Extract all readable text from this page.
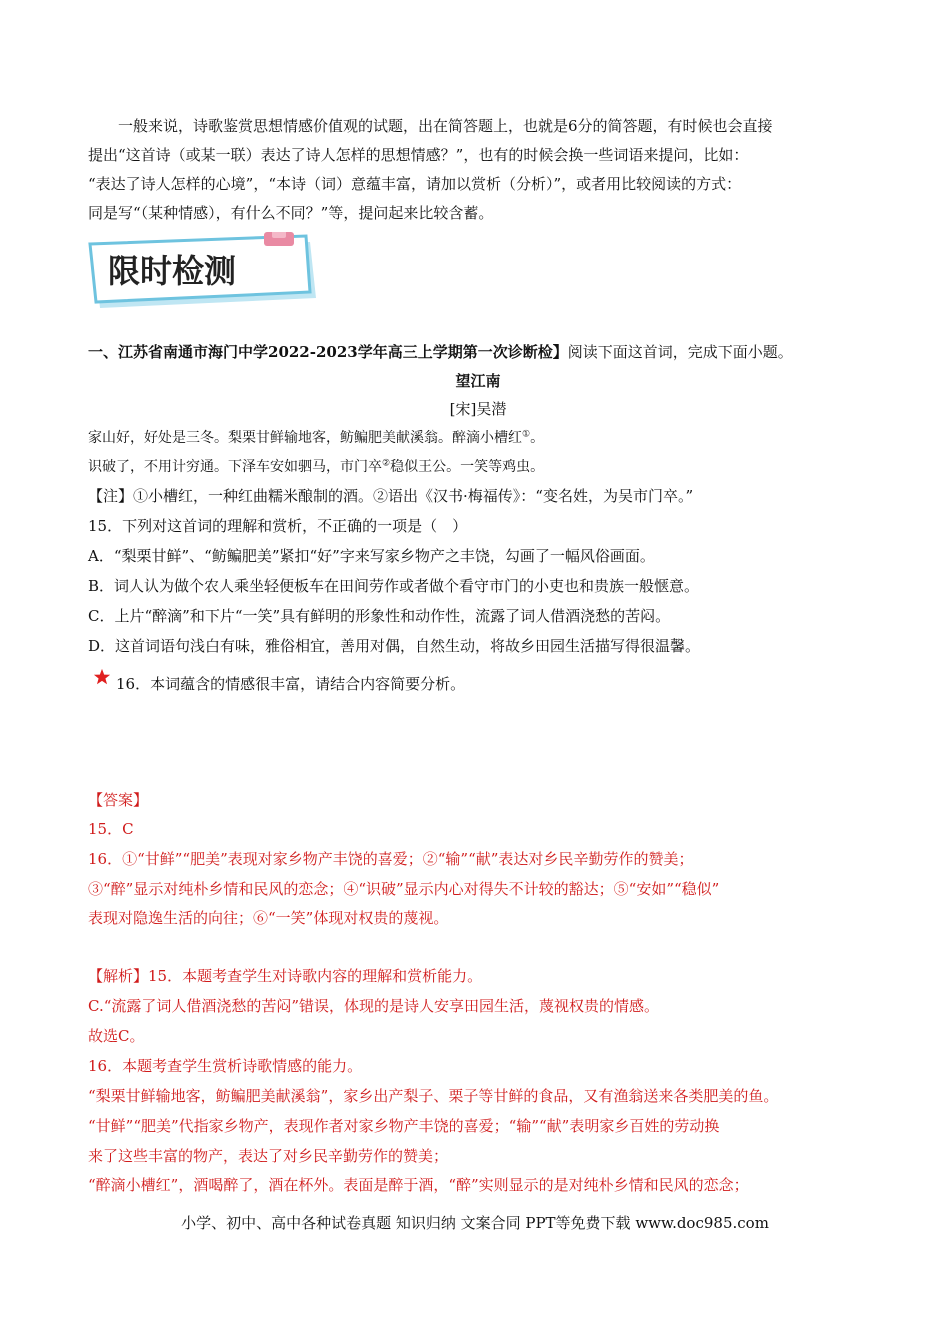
　　一般来说，诗歌鉴赏思想情感价值观的试题，出在简答题上，也就是6分的简答题，有时候也会直接
提出“这首诗（或某一联）表达了诗人怎样的思想情感？”，也有的时候会换一些词语来提问，比如：
“表达了诗人怎样的心境”，“本诗（词）意蕴丰富，请加以赏析（分析）”，或者用比较阅读的方式：
同是写“（某种情感），有什么不同？”等，提问起来比较含蓄。
限时检测
一、江苏省南通市海门中学2022-2023学年高三上学期第一次诊断检】阅读下面这首词，完成下面小题。
望江南
[宋]吴潜
家山好，好处是三冬。梨栗甘鲜输地客，鲂鳊肥美献溪翁。醉滴小槽红①。
识破了，不用计穷通。下泽车安如驷马，市门卒②稳似王公。一笑等鸡虫。
【注】①小槽红，一种红曲糯米酿制的酒。②语出《汉书·梅福传》：“变名姓，为吴市门卒。”
15．下列对这首词的理解和赏析，不正确的一项是（　）
A．“梨栗甘鲜”、“鲂鳊肥美”紧扣“好”字来写家乡物产之丰饶，勾画了一幅风俗画面。
B．词人认为做个农人乘坐轻便板车在田间劳作或者做个看守市门的小吏也和贵族一般惬意。
C．上片“醉滴”和下片“一笑”具有鲜明的形象性和动作性，流露了词人借酒浇愁的苦闷。
D．这首词语句浅白有味，雅俗相宜，善用对偶，自然生动，将故乡田园生活描写得很温馨。
16．本词蕴含的情感很丰富，请结合内容简要分析。
【答案】
15．C
16．①“甘鲜”“肥美”表现对家乡物产丰饶的喜爱；②“输”“献”表达对乡民辛勤劳作的赞美；
③“醉”显示对纯朴乡情和民风的恋念；④“识破”显示内心对得失不计较的豁达；⑤“安如”“稳似”
表现对隐逸生活的向往；⑥“一笑”体现对权贵的蔑视。
【解析】15．本题考查学生对诗歌内容的理解和赏析能力。
C.“流露了词人借酒浇愁的苦闷”错误，体现的是诗人安享田园生活，蔑视权贵的情感。
故选C。
16．本题考查学生赏析诗歌情感的能力。
“梨栗甘鲜输地客，鲂鳊肥美献溪翁”，家乡出产梨子、栗子等甘鲜的食品，又有渔翁送来各类肥美的鱼。
“甘鲜”“肥美”代指家乡物产，表现作者对家乡物产丰饶的喜爱；“输”“献”表明家乡百姓的劳动换
来了这些丰富的物产，表达了对乡民辛勤劳作的赞美；
“醉滴小槽红”，酒喝醉了，酒在杯外。表面是醉于酒，“醉”实则显示的是对纯朴乡情和民风的恋念；
小学、初中、高中各种试卷真题 知识归纳 文案合同 PPT等免费下载 www.doc985.com
